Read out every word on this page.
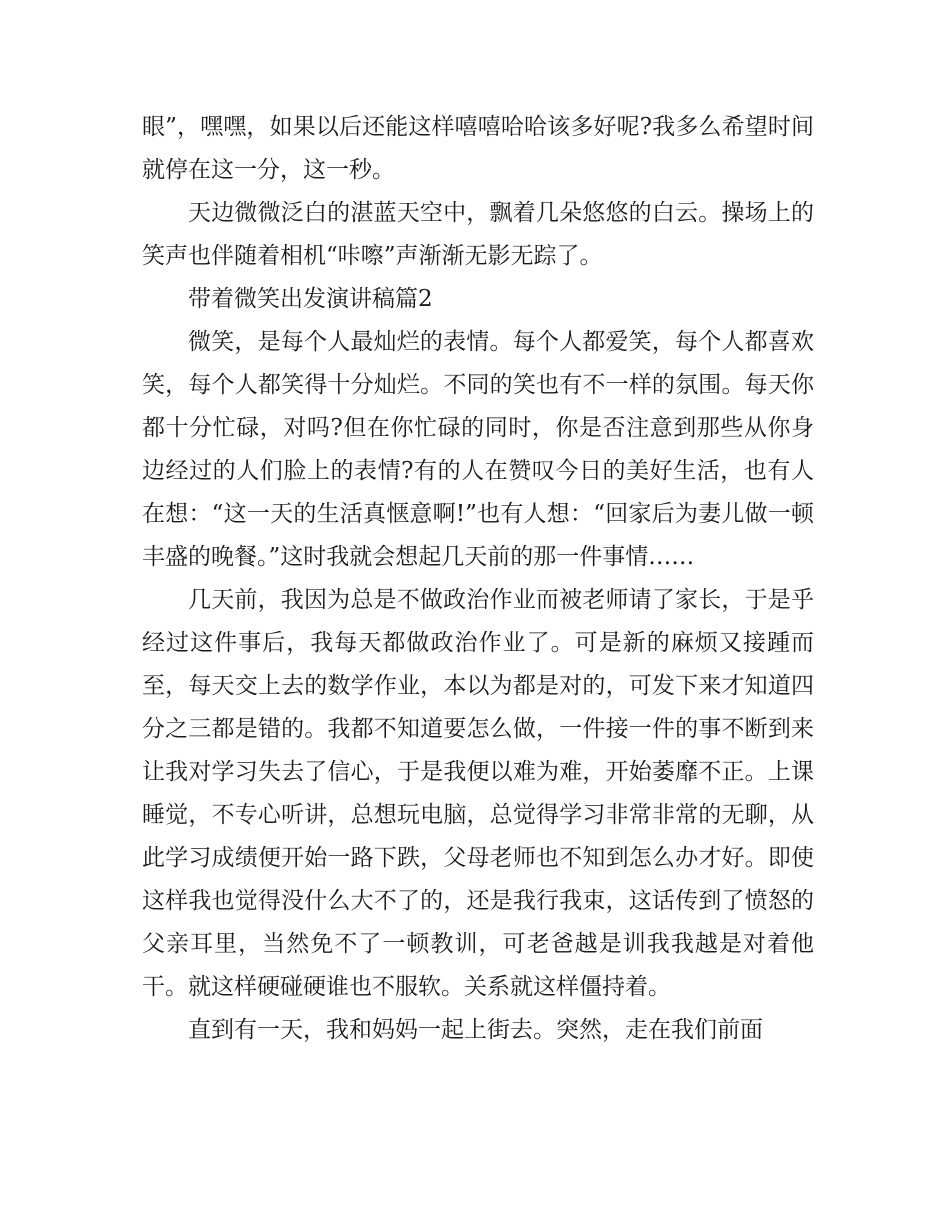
眼”，嘿嘿，如果以后还能这样嘻嘻哈哈该多好呢?我多么希望时间就停在这一分，这一秒。

天边微微泛白的湛蓝天空中，飘着几朵悠悠的白云。操场上的笑声也伴随着相机“咔嚓”声渐渐无影无踪了。

带着微笑出发演讲稿篇2

微笑，是每个人最灿烂的表情。每个人都爱笑，每个人都喜欢笑，每个人都笑得十分灿烂。不同的笑也有不一样的氛围。每天你都十分忙碌，对吗?但在你忙碌的同时，你是否注意到那些从你身边经过的人们脸上的表情?有的人在赞叹今日的美好生活，也有人在想：“这一天的生活真惬意啊!”也有人想：“回家后为妻儿做一顿丰盛的晚餐。”这时我就会想起几天前的那一件事情……

几天前，我因为总是不做政治作业而被老师请了家长，于是乎经过这件事后，我每天都做政治作业了。可是新的麻烦又接踵而至，每天交上去的数学作业，本以为都是对的，可发下来才知道四分之三都是错的。我都不知道要怎么做，一件接一件的事不断到来让我对学习失去了信心，于是我便以难为难，开始萎靡不正。上课睡觉，不专心听讲，总想玩电脑，总觉得学习非常非常的无聊，从此学习成绩便开始一路下跌，父母老师也不知到怎么办才好。即使这样我也觉得没什么大不了的，还是我行我束，这话传到了愤怒的父亲耳里，当然免不了一顿教训，可老爸越是训我我越是对着他干。就这样硬碰硬谁也不服软。关系就这样僵持着。

直到有一天，我和妈妈一起上街去。突然，走在我们前面
